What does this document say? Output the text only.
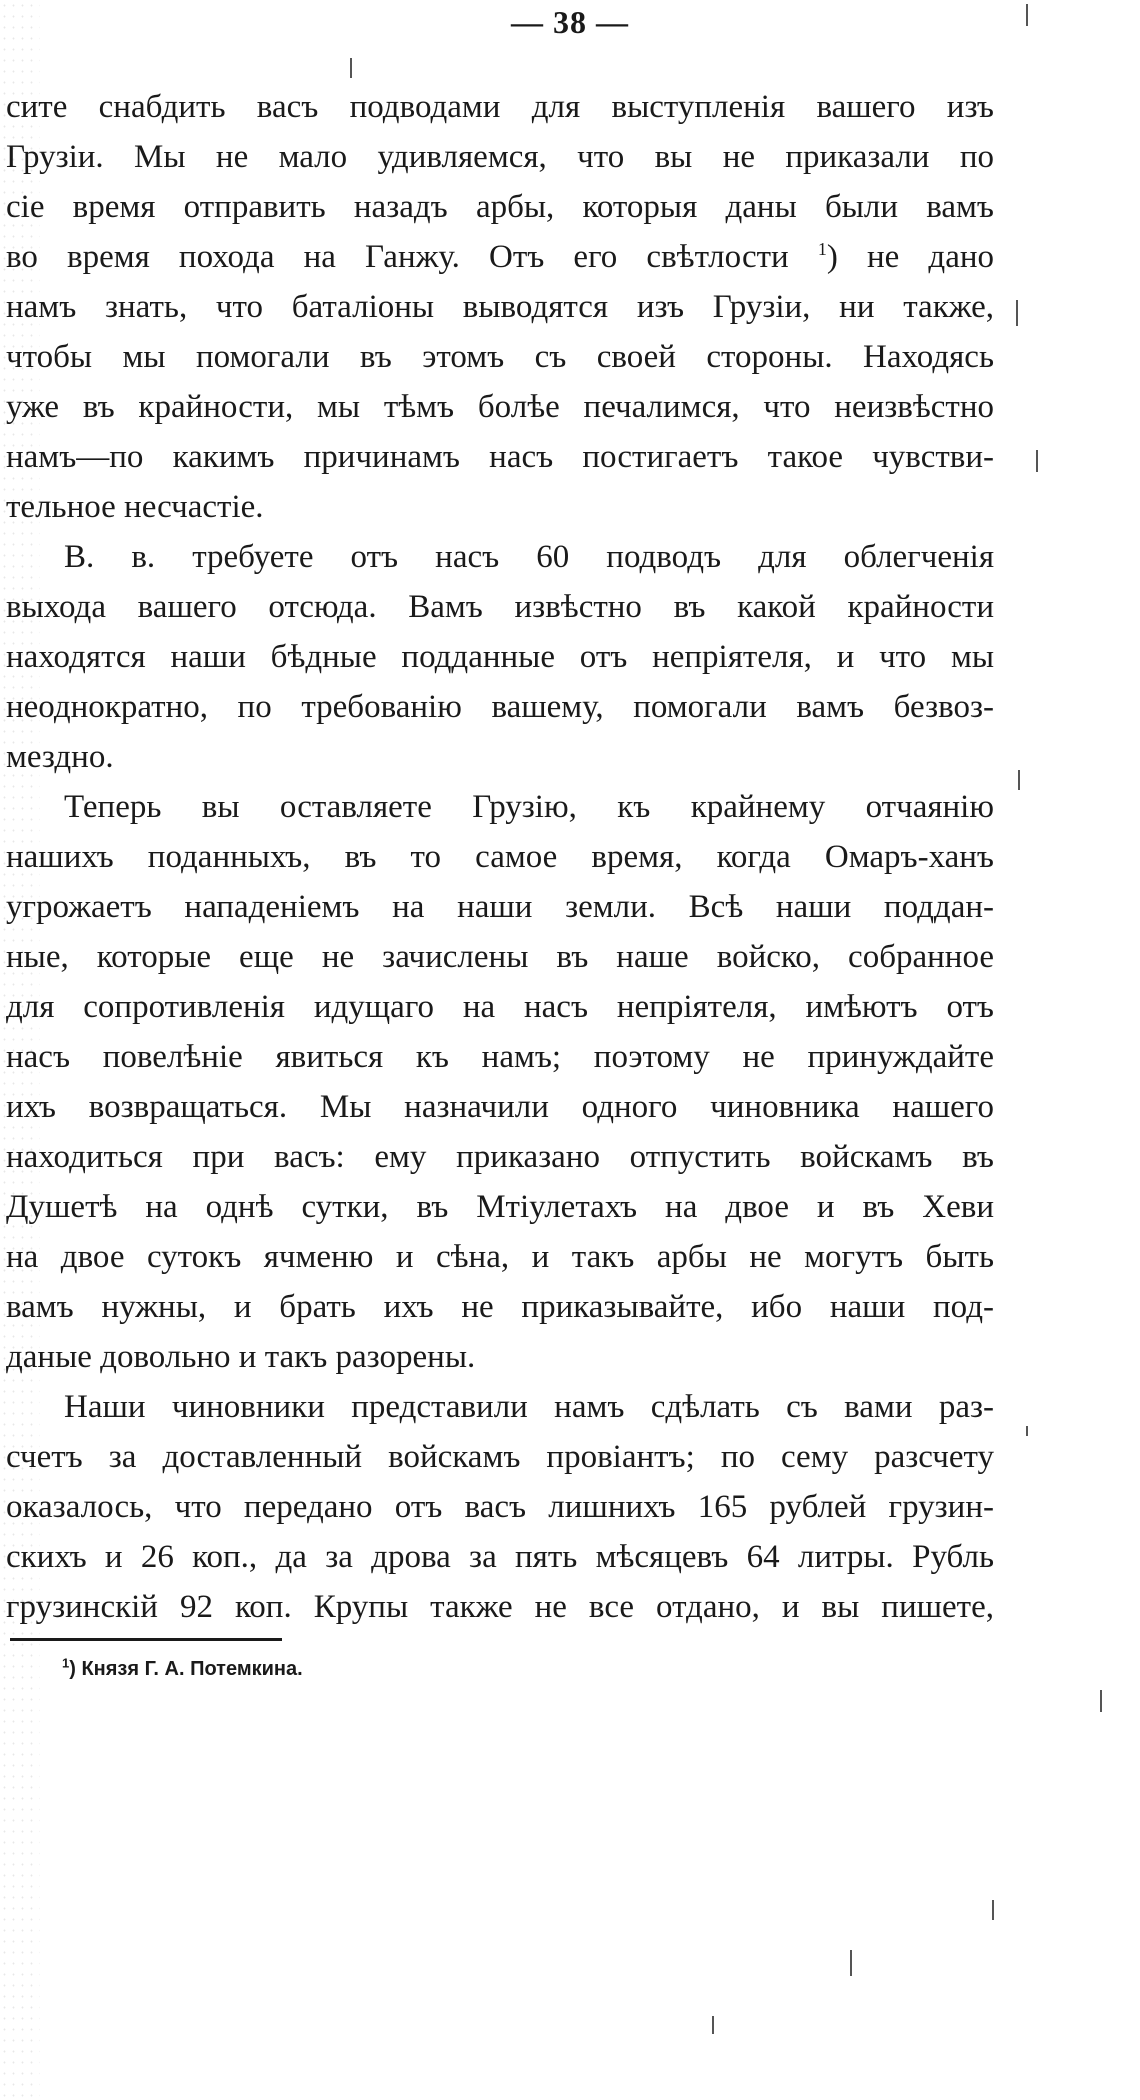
— 38 —
сите снабдить васъ подводами для выступленія вашего изъ
Грузіи. Мы не мало удивляемся, что вы не приказали по
сіе время отправить назадъ арбы, которыя даны были вамъ
во время похода на Ганжу. Отъ его свѣтлости $^1$) не дано
намъ знать, что баталіоны выводятся изъ Грузіи, ни также,
чтобы мы помогали въ этомъ съ своей стороны. Находясь
уже въ крайности, мы тѣмъ болѣе печалимся, что неизвѣстно
намъ—по какимъ причинамъ насъ постигаетъ такое чувстви-
тельное несчастіе.
В. в. требуете отъ насъ 60 подводъ для облегченія
выхода вашего отсюда. Вамъ извѣстно въ какой крайности
находятся наши бѣдные подданные отъ непріятеля, и что мы
неоднократно, по требованію вашему, помогали вамъ безвоз-
мездно.
Теперь вы оставляете Грузію, къ крайнему отчаянію
нашихъ поданныхъ, въ то самое время, когда Омаръ-ханъ
угрожаетъ нападеніемъ на наши земли. Всѣ наши поддан-
ные, которые еще не зачислены въ наше войско, собранное
для сопротивленія идущаго на насъ непріятеля, имѣютъ отъ
насъ повелѣніе явиться къ намъ; поэтому не принуждайте
ихъ возвращаться. Мы назначили одного чиновника нашего
находиться при васъ: ему приказано отпустить войскамъ въ
Душетѣ на однѣ сутки, въ Мтіулетахъ на двое и въ Хеви
на двое сутокъ ячменю и сѣна, и такъ арбы не могутъ быть
вамъ нужны, и брать ихъ не приказывайте, ибо наши под-
даные довольно и такъ разорены.
Наши чиновники представили намъ сдѣлать съ вами раз-
счетъ за доставленный войскамъ провіантъ; по сему разсчету
оказалось, что передано отъ васъ лишнихъ 165 рублей грузин-
скихъ и 26 коп., да за дрова за пять мѣсяцевъ 64 литры. Рубль
грузинскій 92 коп. Крупы также не все отдано, и вы пишете,
$^1$) Князя Г. А. Потемкина.
